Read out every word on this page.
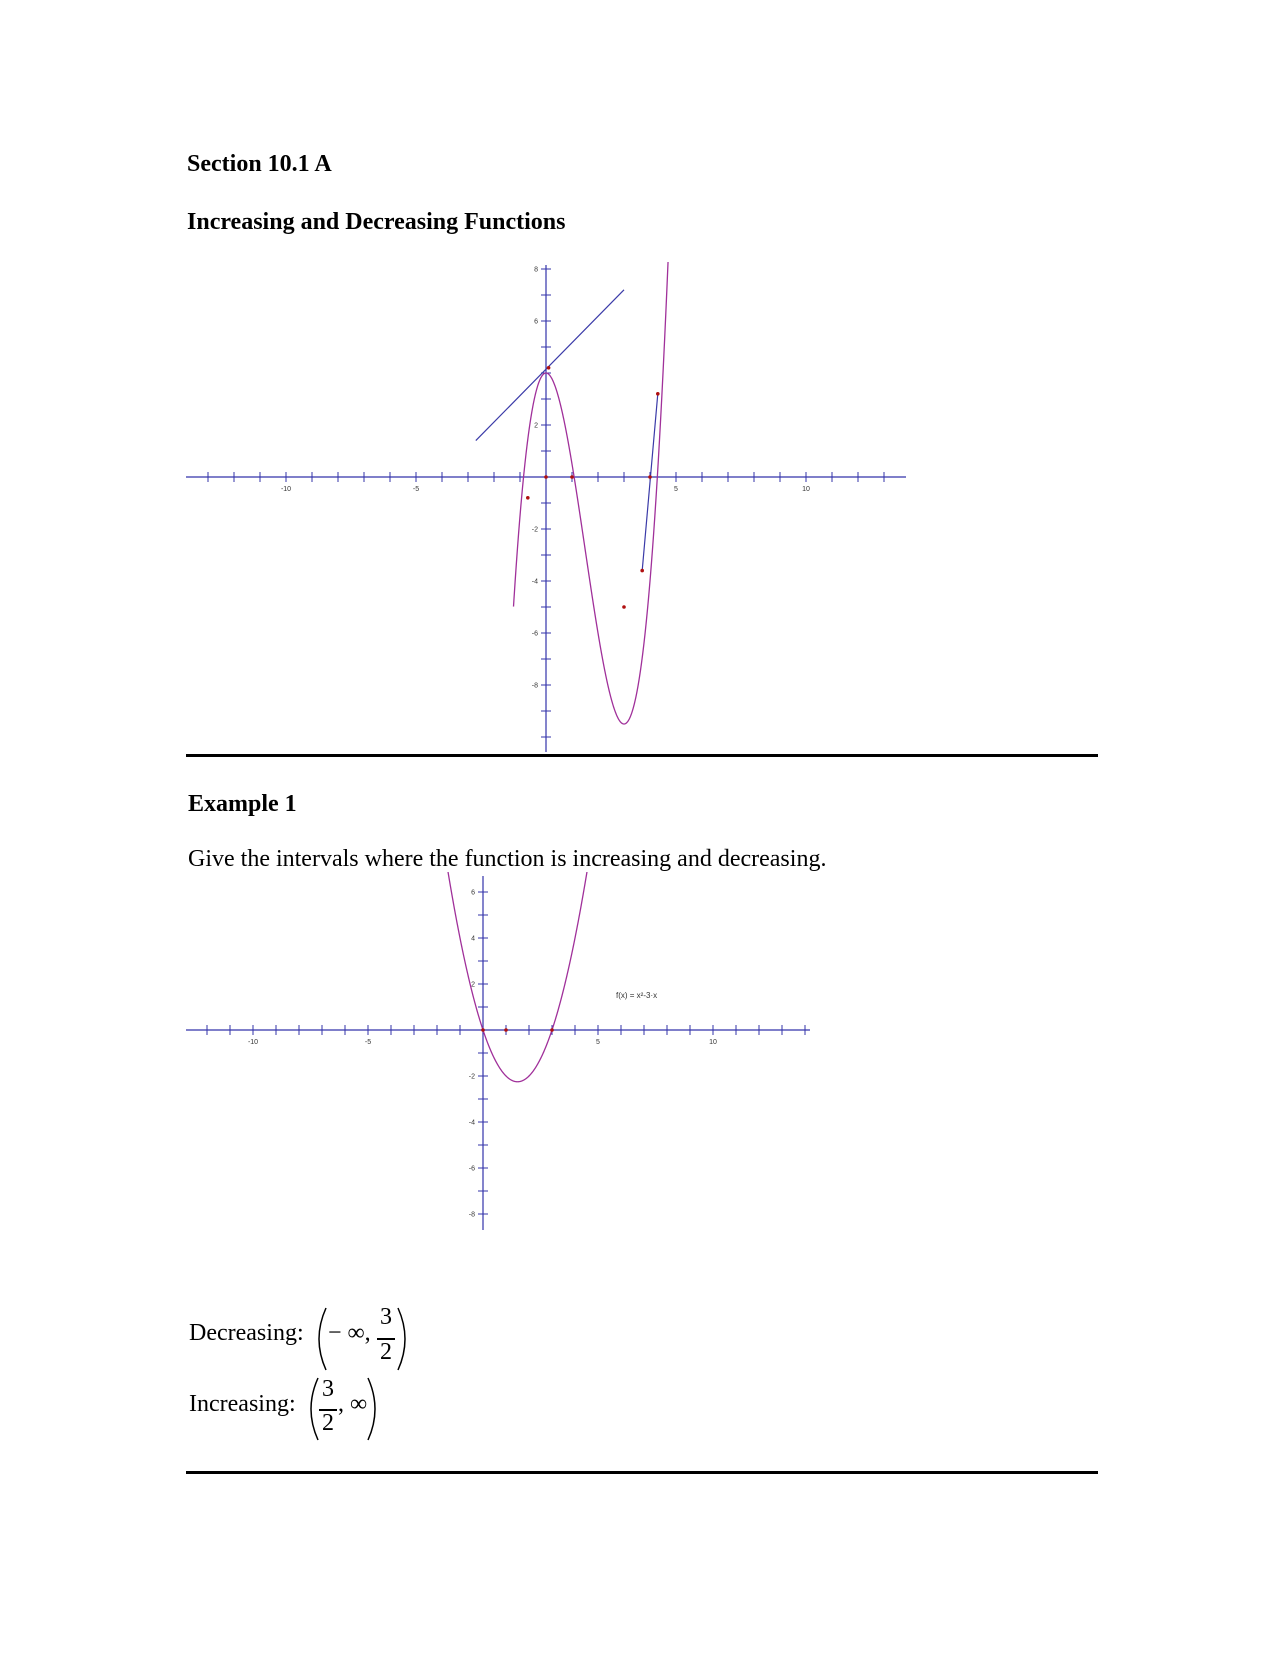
Section 10.1 A
Increasing and Decreasing Functions
-10	-5	5	10
8
6
2
-2
-4
-6
-8
Example 1
Give the intervals where the function is increasing and decreasing.
-10	-5	5	10
6
4
2
-2
-4
-6
-8
f(x) = x²-3·x
Decreasing: − ∞,
3
2
Increasing:
3
2
, ∞
